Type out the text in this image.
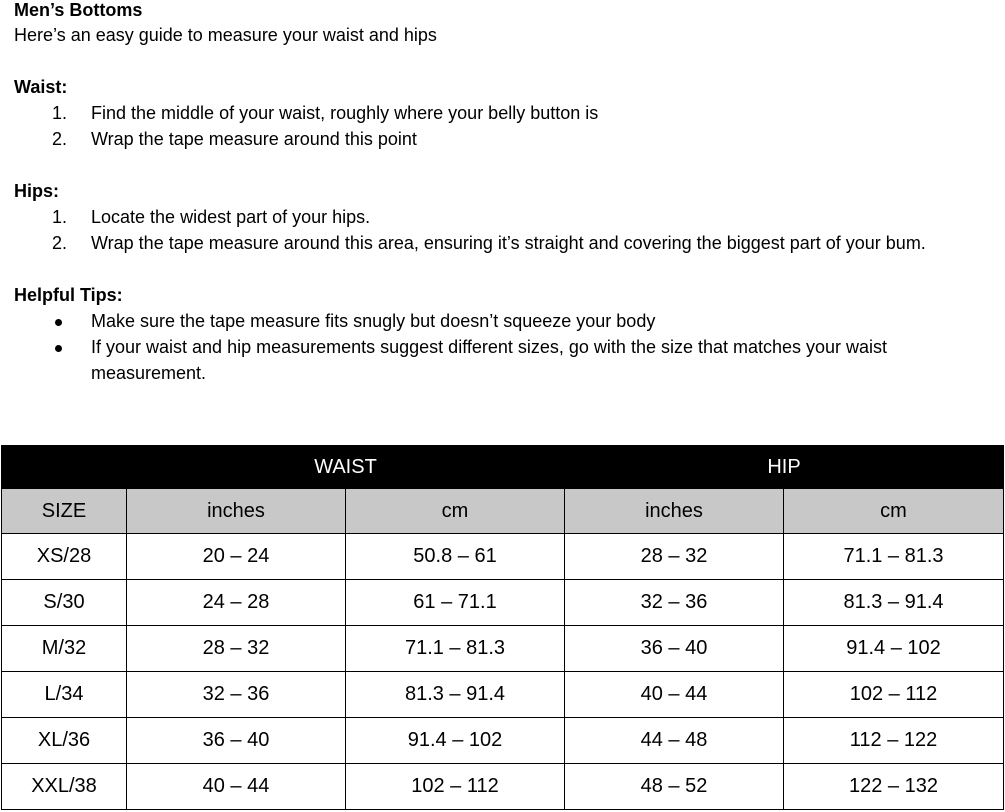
Men’s Bottoms

Here’s an easy guide to measure your waist and hips

Waist:

1.	Find the middle of your waist, roughly where your belly button is
2.	Wrap the tape measure around this point

Hips:

1.	Locate the widest part of your hips.
2.	Wrap the tape measure around this area, ensuring it’s straight and covering the biggest part of your bum.

Helpful Tips:

Make sure the tape measure fits snugly but doesn’t squeeze your body
If your waist and hip measurements suggest different sizes, go with the size that matches your waist measurement.
	WAIST		HIP	
SIZE	inches	cm	inches	cm
XS/28	20 – 24	50.8 – 61	28 – 32	71.1 – 81.3
S/30	24 – 28	61 – 71.1	32 – 36	81.3 – 91.4
M/32	28 – 32	71.1 – 81.3	36 – 40	91.4 – 102
L/34	32 – 36	81.3 – 91.4	40 – 44	102 – 112
XL/36	36 – 40	91.4 – 102	44 – 48	112 – 122
XXL/38	40 – 44	102 – 112	48 – 52	122 – 132
